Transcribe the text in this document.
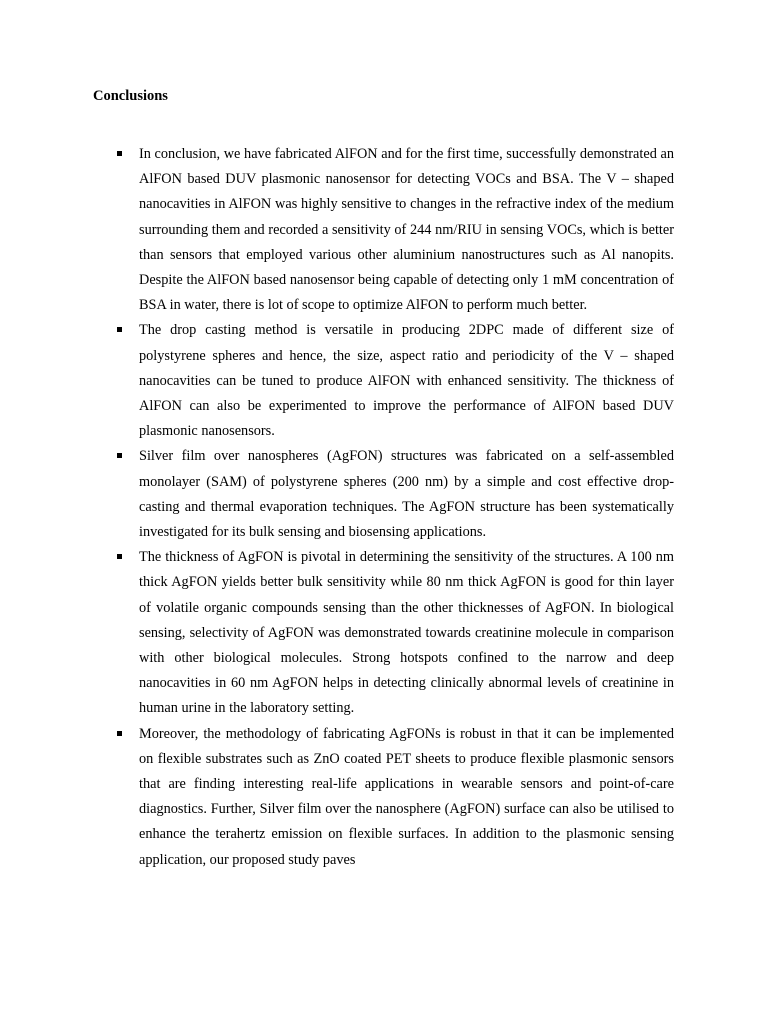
Conclusions
In conclusion, we have fabricated AlFON and for the first time, successfully demonstrated an AlFON based DUV plasmonic nanosensor for detecting VOCs and BSA. The V – shaped nanocavities in AlFON was highly sensitive to changes in the refractive index of the medium surrounding them and recorded a sensitivity of 244 nm/RIU in sensing VOCs, which is better than sensors that employed various other aluminium nanostructures such as Al nanopits. Despite the AlFON based nanosensor being capable of detecting only 1 mM concentration of BSA in water, there is lot of scope to optimize AlFON to perform much better.
The drop casting method is versatile in producing 2DPC made of different size of polystyrene spheres and hence, the size, aspect ratio and periodicity of the V – shaped nanocavities can be tuned to produce AlFON with enhanced sensitivity. The thickness of AlFON can also be experimented to improve the performance of AlFON based DUV plasmonic nanosensors.
Silver film over nanospheres (AgFON) structures was fabricated on a self-assembled monolayer (SAM) of polystyrene spheres (200 nm) by a simple and cost effective drop-casting and thermal evaporation techniques. The AgFON structure has been systematically investigated for its bulk sensing and biosensing applications.
The thickness of AgFON is pivotal in determining the sensitivity of the structures. A 100 nm thick AgFON yields better bulk sensitivity while 80 nm thick AgFON is good for thin layer of volatile organic compounds sensing than the other thicknesses of AgFON. In biological sensing, selectivity of AgFON was demonstrated towards creatinine molecule in comparison with other biological molecules. Strong hotspots confined to the narrow and deep nanocavities in 60 nm AgFON helps in detecting clinically abnormal levels of creatinine in human urine in the laboratory setting.
Moreover, the methodology of fabricating AgFONs is robust in that it can be implemented on flexible substrates such as ZnO coated PET sheets to produce flexible plasmonic sensors that are finding interesting real-life applications in wearable sensors and point-of-care diagnostics. Further, Silver film over the nanosphere (AgFON) surface can also be utilised to enhance the terahertz emission on flexible surfaces. In addition to the plasmonic sensing application, our proposed study paves
